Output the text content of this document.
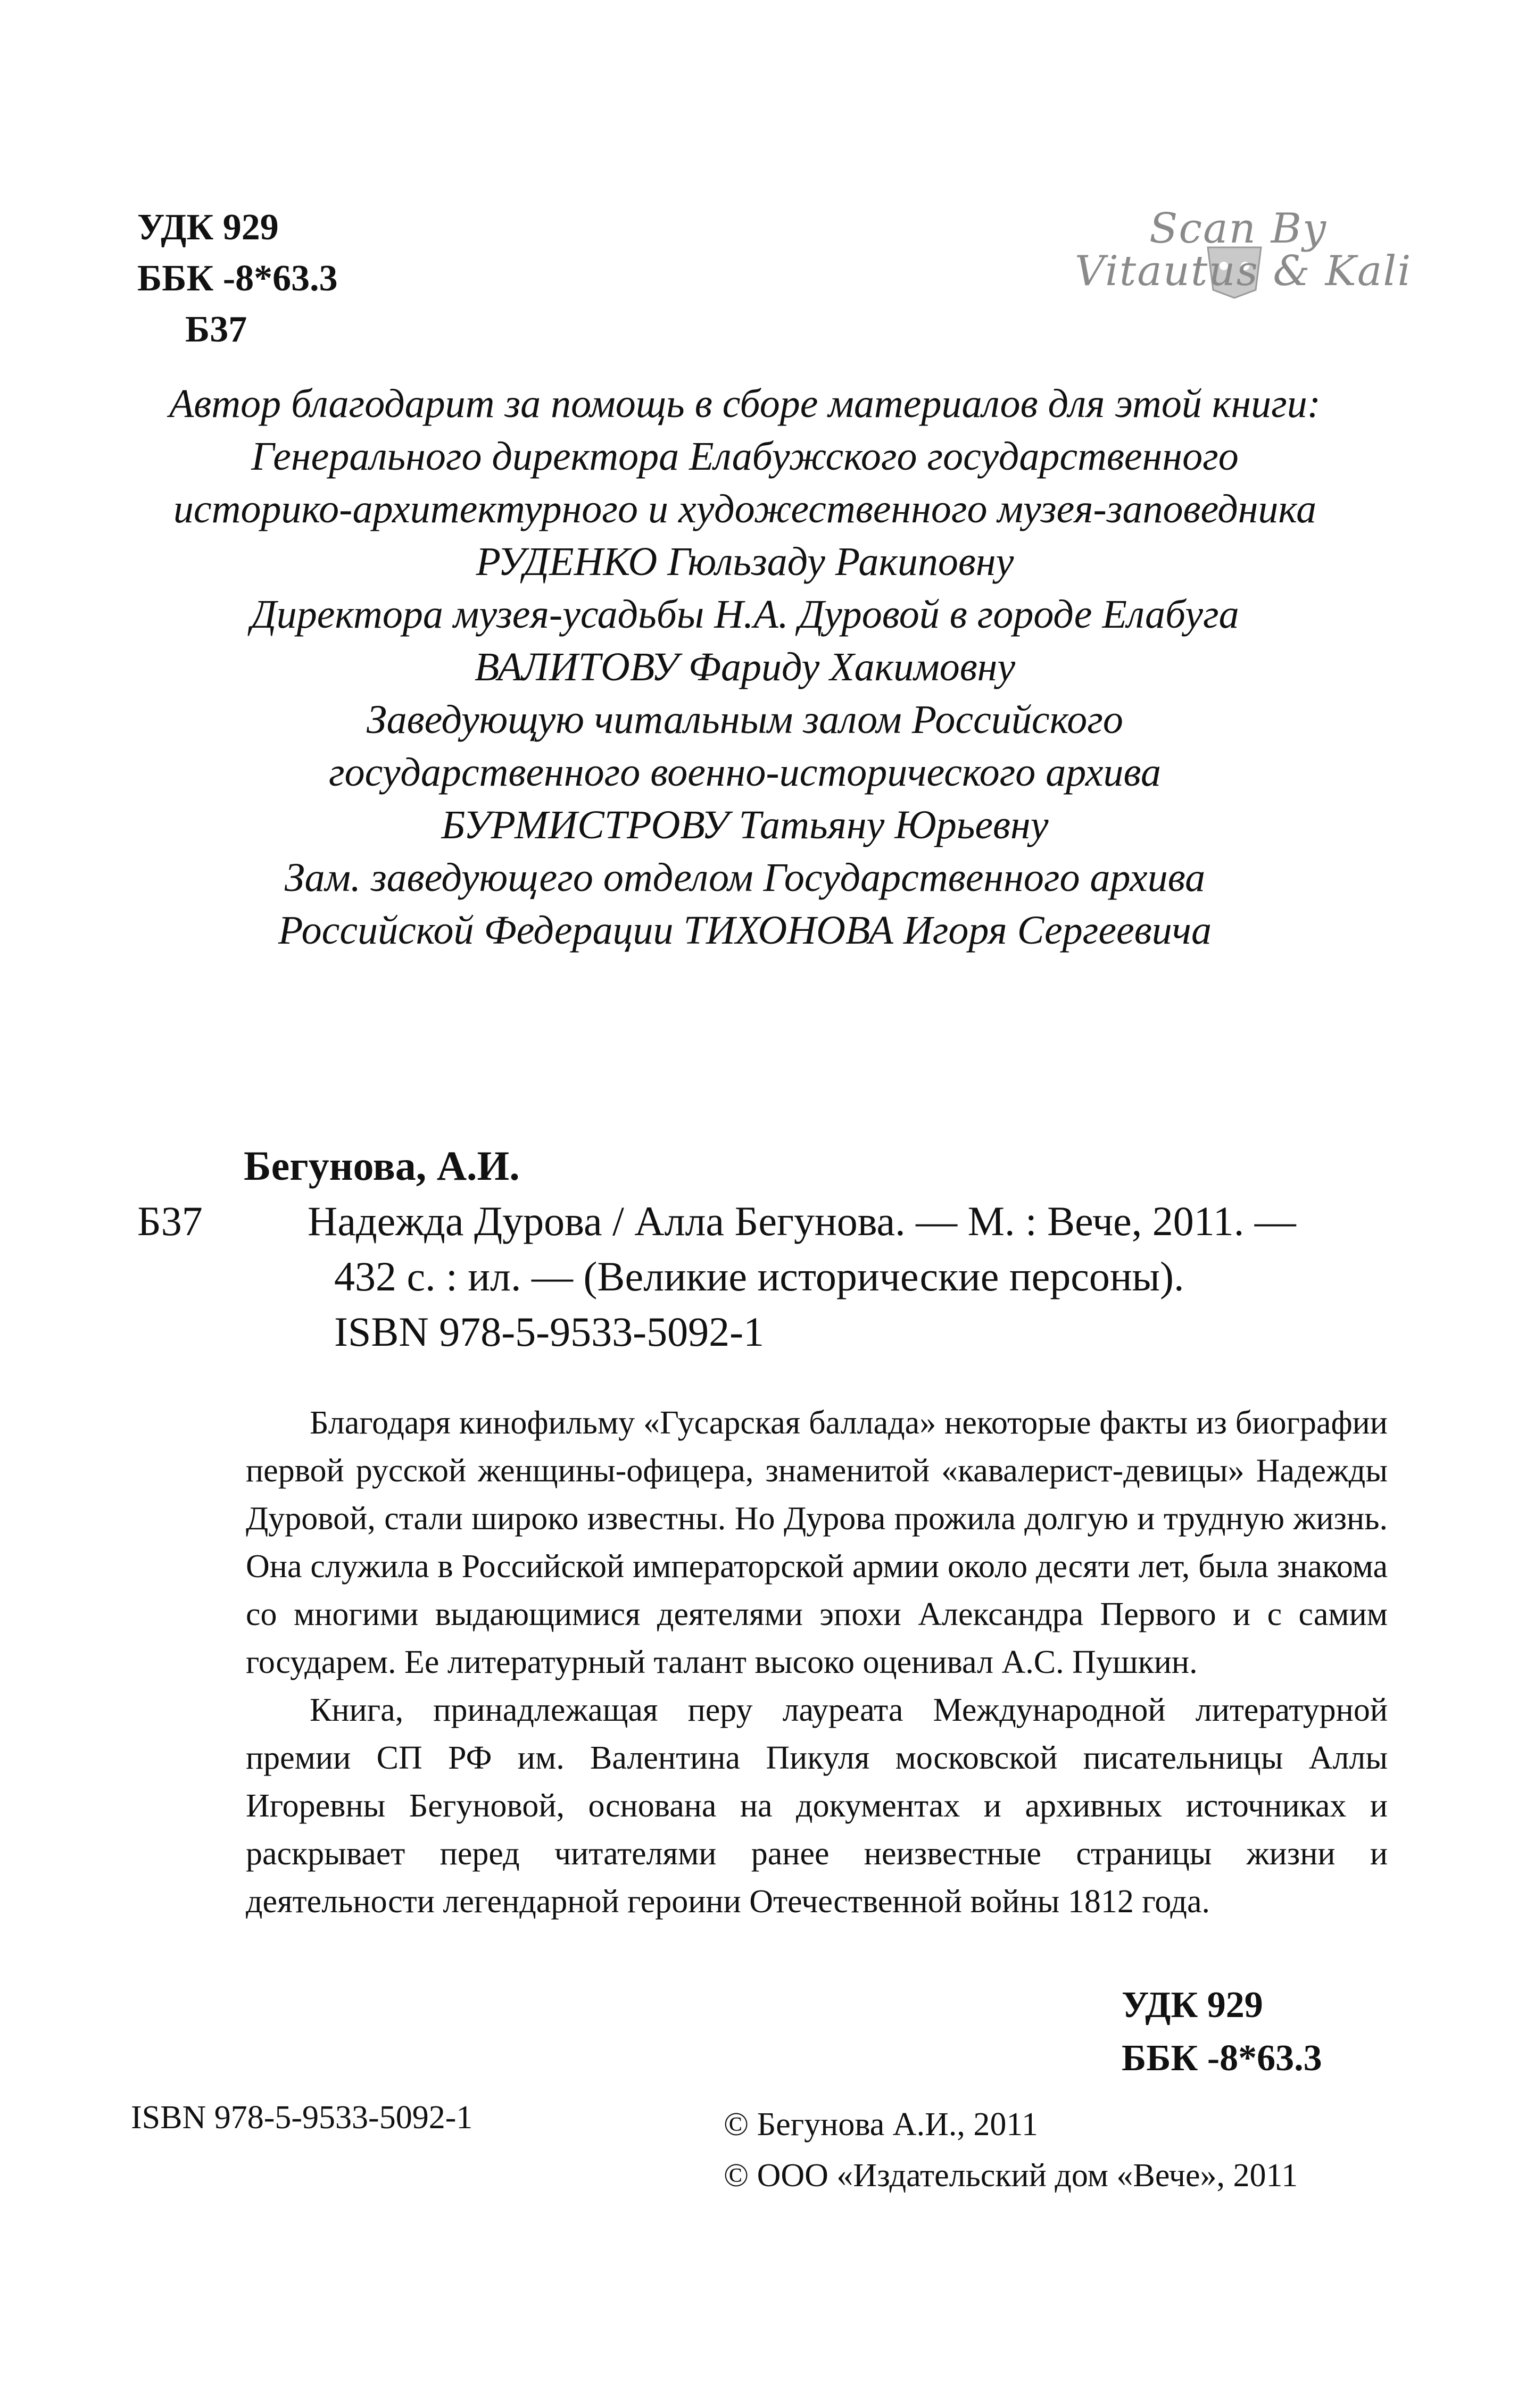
УДК 929
ББК -8*63.3
Б37
Scan By
Vitautus & Kali
Автор благодарит за помощь в сборе материалов для этой книги:
Генерального директора Елабужского государственного
историко-архитектурного и художественного музея-заповедника
РУДЕНКО Гюльзаду Ракиповну
Директора музея-усадьбы Н.А. Дуровой в городе Елабуга
ВАЛИТОВУ Фариду Хакимовну
Заведующую читальным залом Российского
государственного военно-исторического архива
БУРМИСТРОВУ Татьяну Юрьевну
Зам. заведующего отделом Государственного архива
Российской Федерации ТИХОНОВА Игоря Сергеевича
Бегунова, А.И.
Б37	Надежда Дурова / Алла Бегунова. — М. : Вече, 2011. —
432 с. : ил. — (Великие исторические персоны).
ISBN 978-5-9533-5092-1

Благодаря кинофильму «Гусарская баллада» некоторые факты из биографии первой русской женщины-офицера, знаменитой «кавалерист-девицы» Надежды Дуровой, стали широко известны. Но Дурова прожила долгую и трудную жизнь. Она служила в Российской императорской армии около десяти лет, была знакома со многими выдающимися деятелями эпохи Александра Первого и с самим государем. Ее литературный талант высоко оценивал А.С. Пушкин.

Книга, принадлежащая перу лауреата Международной литературной премии СП РФ им. Валентина Пикуля московской писательницы Аллы Игоревны Бегуновой, основана на документах и архивных источниках и раскрывает перед читателями ранее неизвестные страницы жизни и деятельности легендарной героини Отечественной войны 1812 года.

УДК 929
ББК -8*63.3
ISBN 978-5-9533-5092-1	© Бегунова А.И., 2011
© ООО «Издательский дом «Вече», 2011
